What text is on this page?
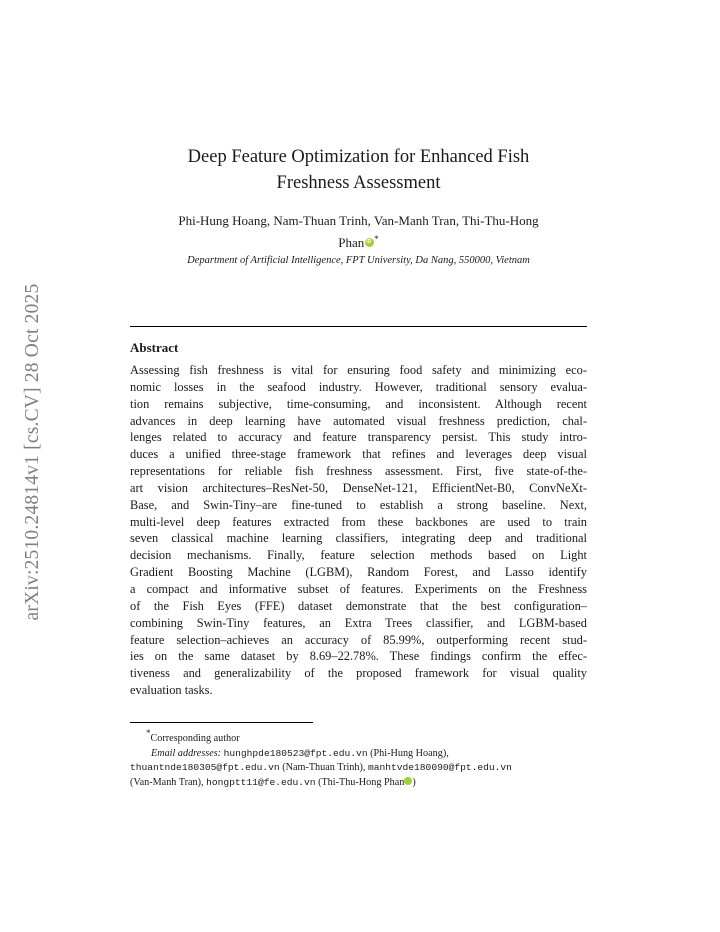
arXiv:2510.24814v1 [cs.CV] 28 Oct 2025
Deep Feature Optimization for Enhanced Fish
Freshness Assessment
Phi-Hung Hoang, Nam-Thuan Trinh, Van-Manh Tran, Thi-Thu-Hong
PhaniD *
Department of Artificial Intelligence, FPT University, Da Nang, 550000, Vietnam
Abstract
Assessing fish freshness is vital for ensuring food safety and minimizing eco-
nomic losses in the seafood industry. However, traditional sensory evalua-
tion remains subjective, time-consuming, and inconsistent. Although recent
advances in deep learning have automated visual freshness prediction, chal-
lenges related to accuracy and feature transparency persist. This study intro-
duces a unified three-stage framework that refines and leverages deep visual
representations for reliable fish freshness assessment. First, five state-of-the-
art vision architectures–ResNet-50, DenseNet-121, EfficientNet-B0, ConvNeXt-
Base, and Swin-Tiny–are fine-tuned to establish a strong baseline. Next,
multi-level deep features extracted from these backbones are used to train
seven classical machine learning classifiers, integrating deep and traditional
decision mechanisms. Finally, feature selection methods based on Light
Gradient Boosting Machine (LGBM), Random Forest, and Lasso identify
a compact and informative subset of features. Experiments on the Freshness
of the Fish Eyes (FFE) dataset demonstrate that the best configuration–
combining Swin-Tiny features, an Extra Trees classifier, and LGBM-based
feature selection–achieves an accuracy of 85.99%, outperforming recent stud-
ies on the same dataset by 8.69–22.78%. These findings confirm the effec-
tiveness and generalizability of the proposed framework for visual quality
evaluation tasks.
*Corresponding author
Email addresses: hunghpde180523@fpt.edu.vn (Phi-Hung Hoang),
thuantnde180305@fpt.edu.vn (Nam-Thuan Trinh), manhtvde180090@fpt.edu.vn
(Van-Manh Tran), hongptt11@fe.edu.vn (Thi-Thu-Hong Phan )
